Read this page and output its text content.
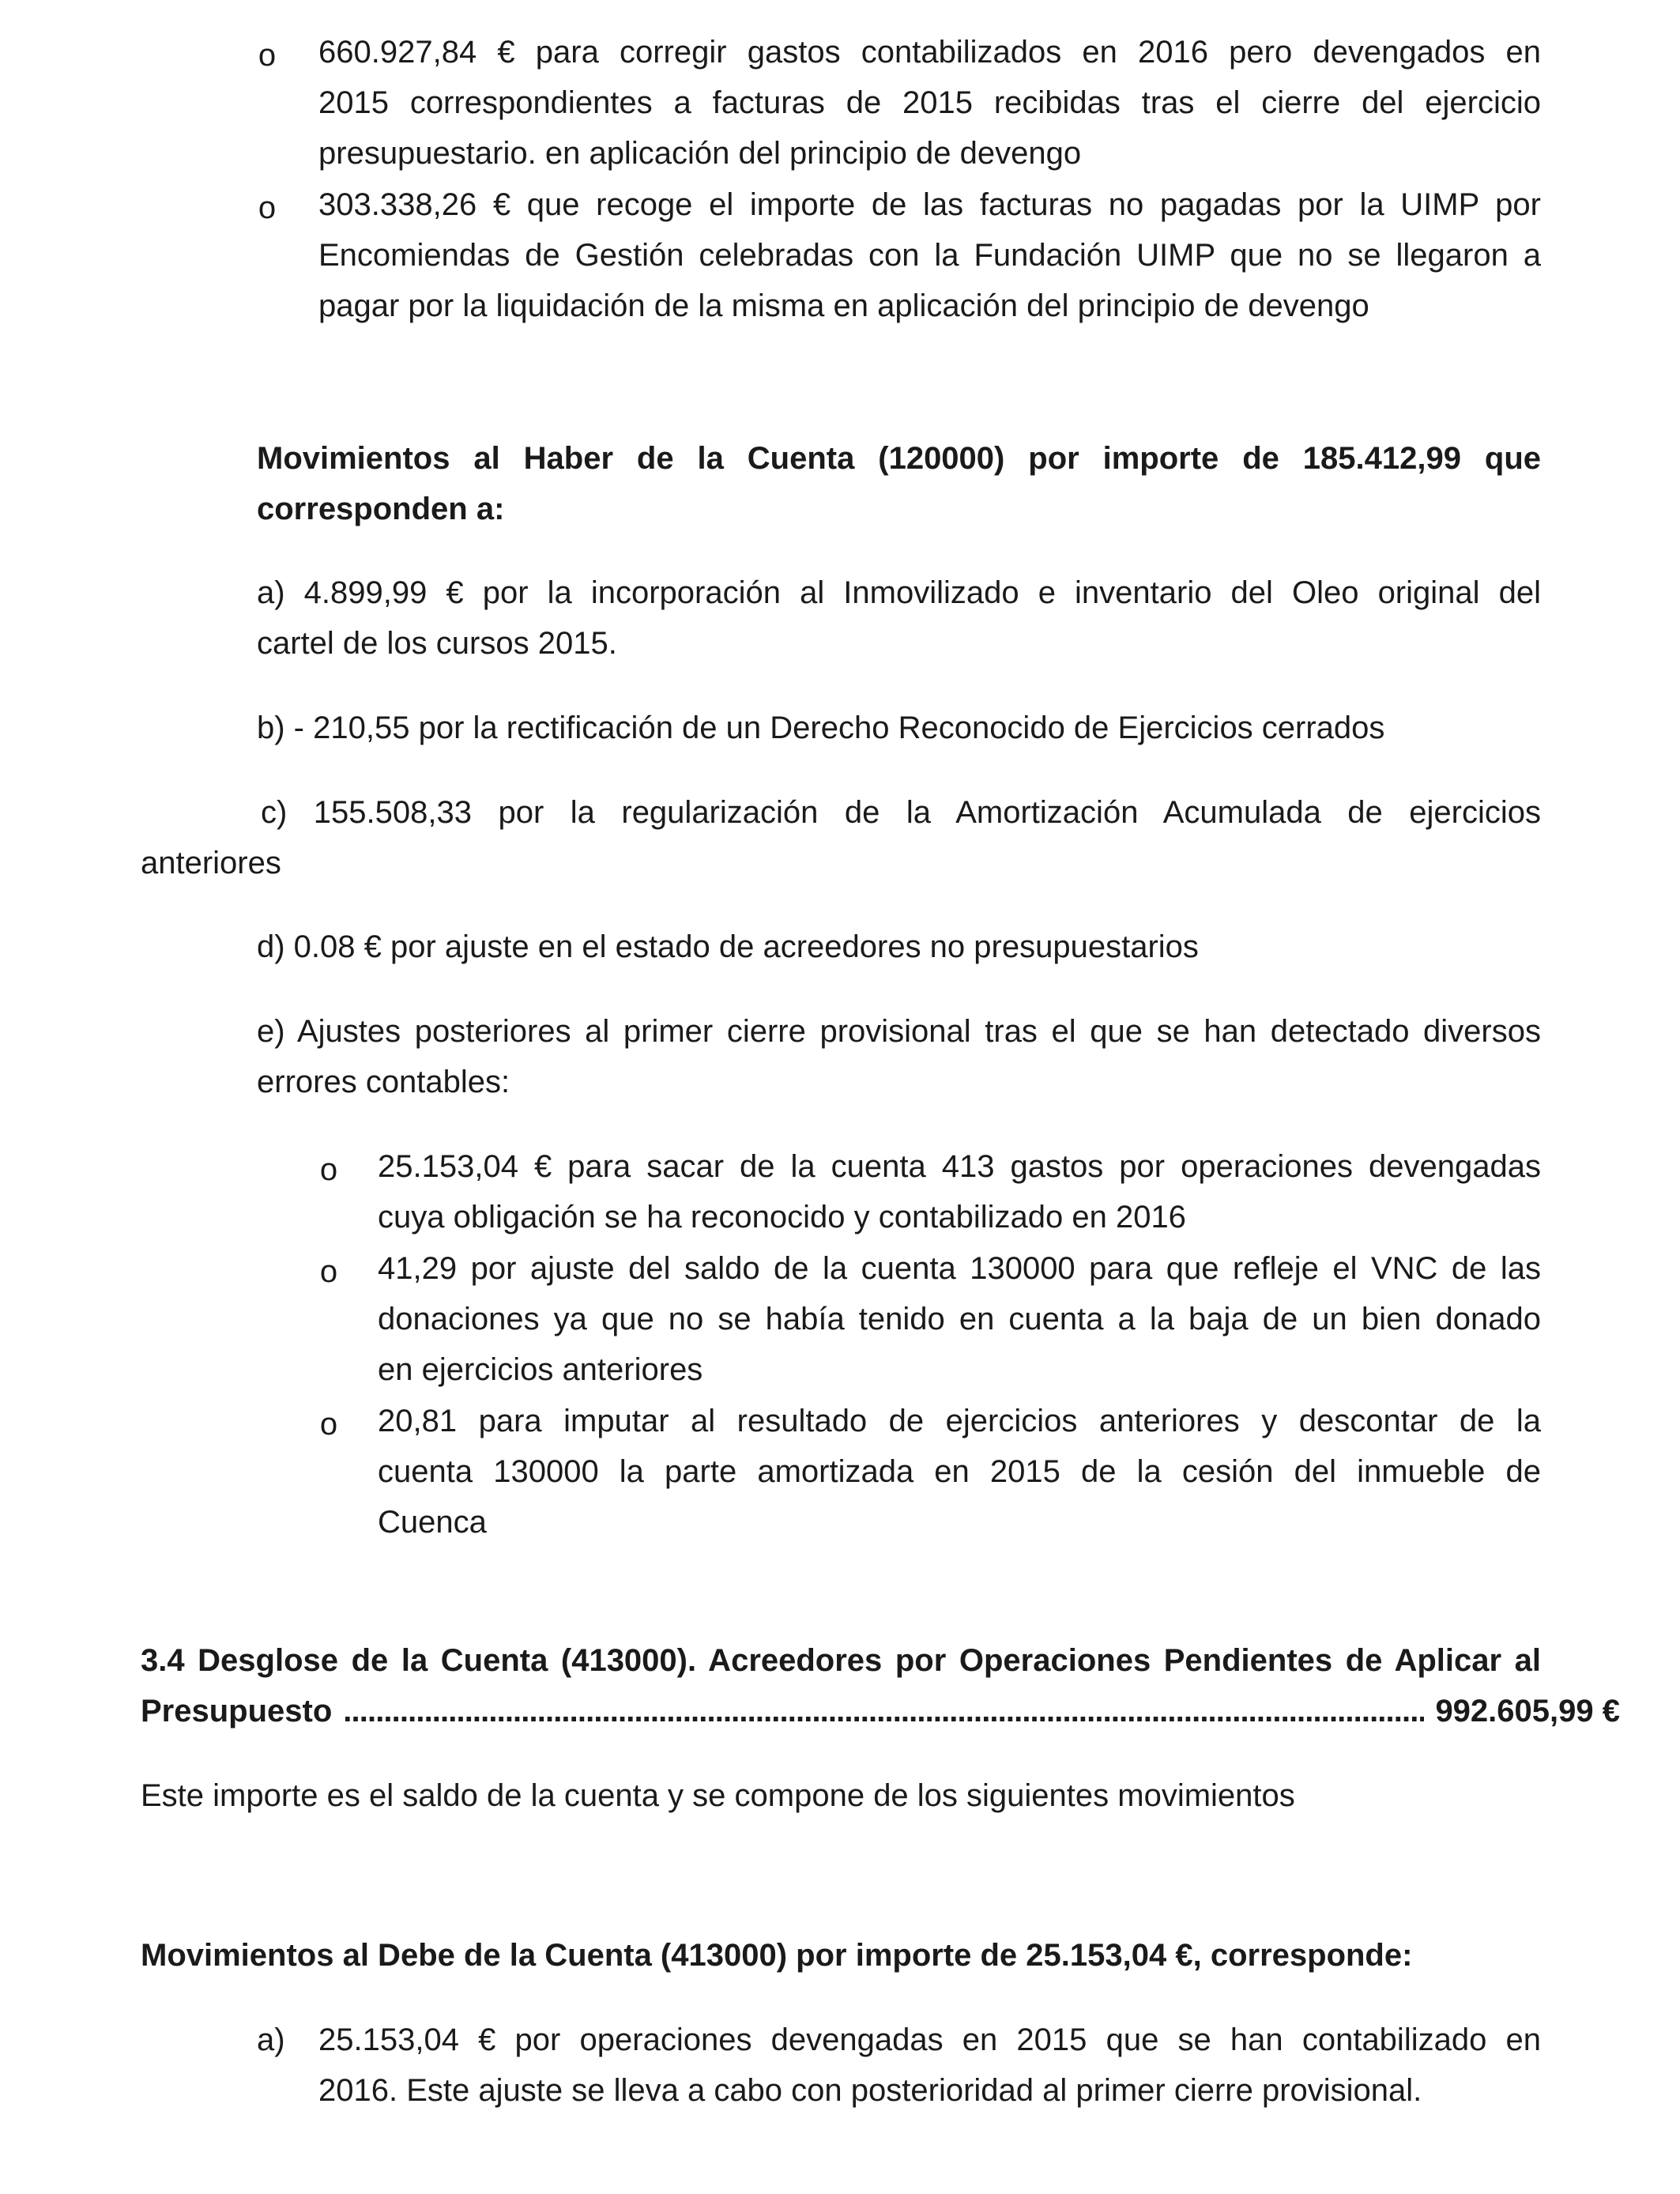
o 660.927,84 € para corregir gastos contabilizados en 2016 pero devengados en

2015 correspondientes a facturas de 2015 recibidas tras el cierre del ejercicio

presupuestario. en aplicación del principio de devengo

o 303.338,26 € que recoge el importe de las facturas no pagadas por la UIMP por

Encomiendas de Gestión celebradas con la Fundación UIMP que no se llegaron a

pagar por la liquidación de la misma en aplicación del principio de devengo

Movimientos al Haber de la Cuenta (120000) por importe de 185.412,99 que

corresponden a:

a) 4.899,99 € por la incorporación al Inmovilizado e inventario del Oleo original del

cartel de los cursos 2015.

b) - 210,55 por la rectificación de un Derecho Reconocido de Ejercicios cerrados

c) 155.508,33 por la regularización de la Amortización Acumulada de ejercicios

anteriores

d) 0.08 € por ajuste en el estado de acreedores no presupuestarios

e) Ajustes posteriores al primer cierre provisional tras el que se han detectado diversos

errores contables:

o 25.153,04 € para sacar de la cuenta 413 gastos por operaciones devengadas

cuya obligación se ha reconocido y contabilizado en 2016

o 41,29 por ajuste del saldo de la cuenta 130000 para que refleje el VNC de las

donaciones ya que no se había tenido en cuenta a la baja de un bien donado

en ejercicios anteriores

o 20,81 para imputar al resultado de ejercicios anteriores y descontar de la

cuenta 130000 la parte amortizada en 2015 de la cesión del inmueble de

Cuenca

3.4 Desglose de la Cuenta (413000). Acreedores por Operaciones Pendientes de Aplicar al

Presupuesto
. . .	992.605,99 €

Este importe es el saldo de la cuenta y se compone de los siguientes movimientos

Movimientos al Debe de la Cuenta (413000) por importe de 25.153,04 €, corresponde:

a) 25.153,04 € por operaciones devengadas en 2015 que se han contabilizado en

2016. Este ajuste se lleva a cabo con posterioridad al primer cierre provisional.
